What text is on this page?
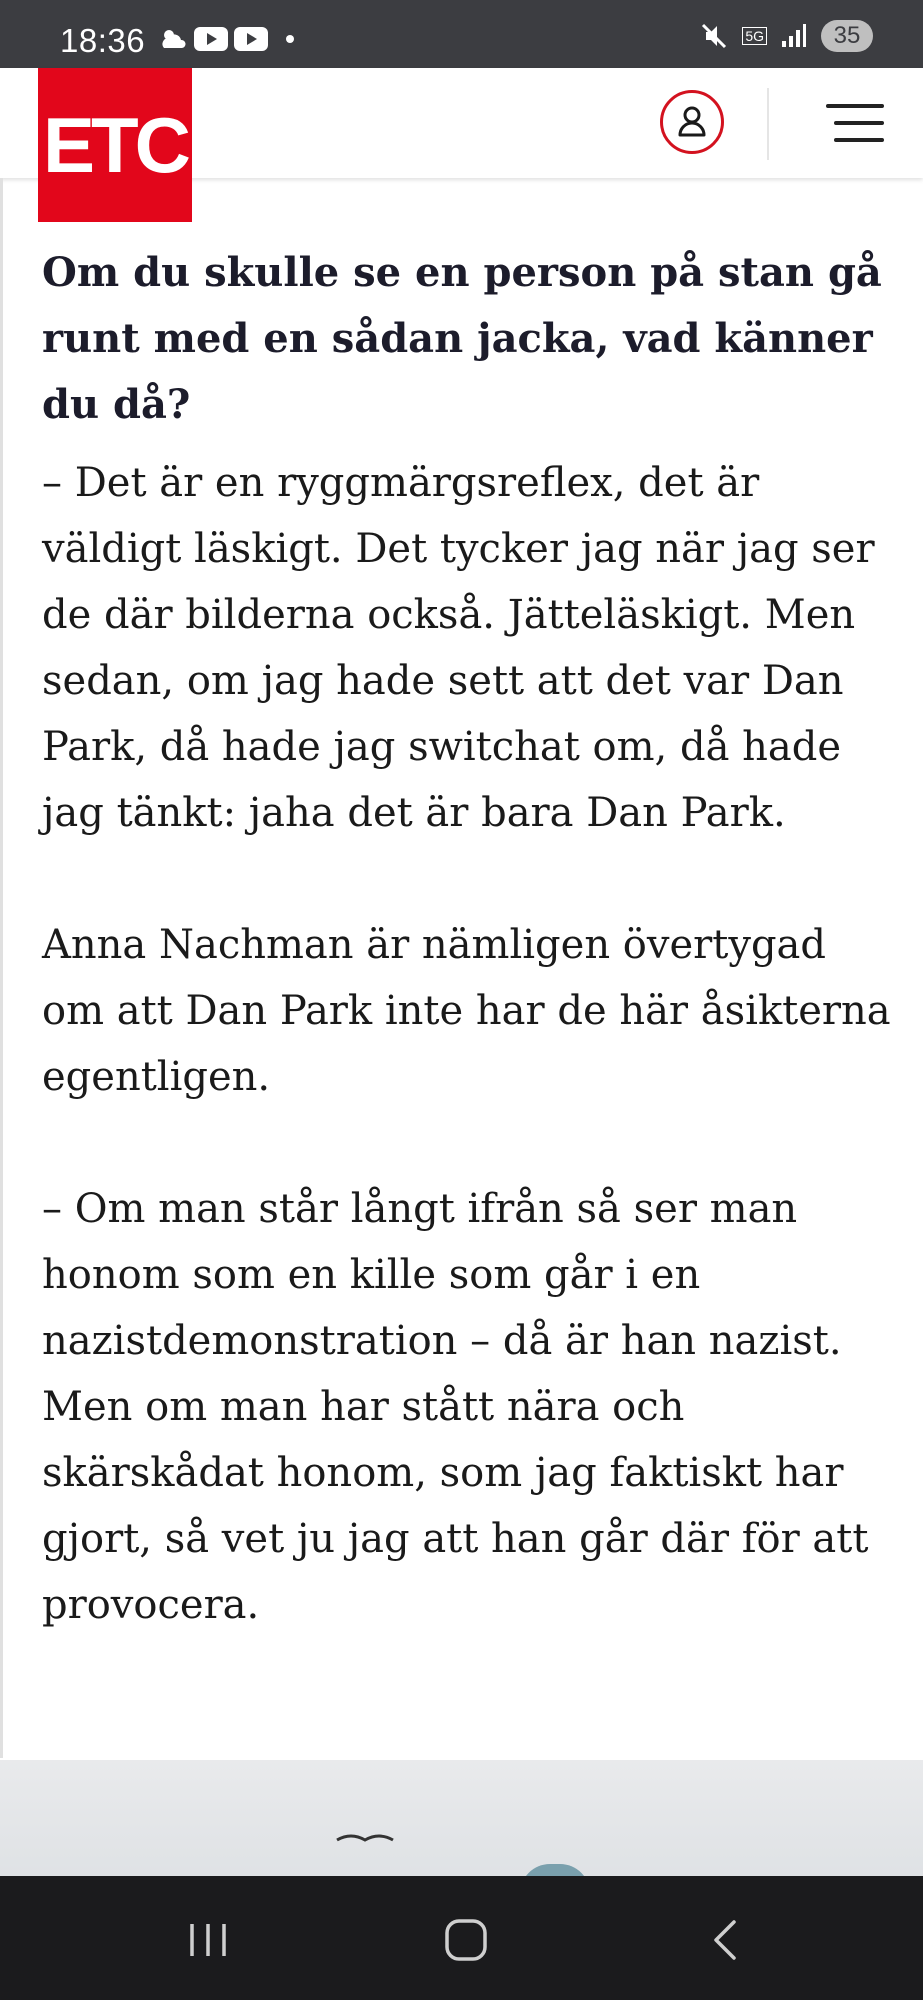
18:36	5G	35
ETC

Om du skulle se en person på stan gå runt med en sådan jacka, vad känner du då?

– Det är en ryggmärgsreflex, det är väldigt läskigt. Det tycker jag när jag ser de där bilderna också. Jätteläskigt. Men sedan, om jag hade sett att det var Dan Park, då hade jag switchat om, då hade jag tänkt: jaha det är bara Dan Park.

Anna Nachman är nämligen övertygad om att Dan Park inte har de här åsikterna egentligen.

– Om man står långt ifrån så ser man honom som en kille som går i en nazistdemonstration – då är han nazist. Men om man har stått nära och skärskådat honom, som jag faktiskt har gjort, så vet ju jag att han går där för att provocera.
